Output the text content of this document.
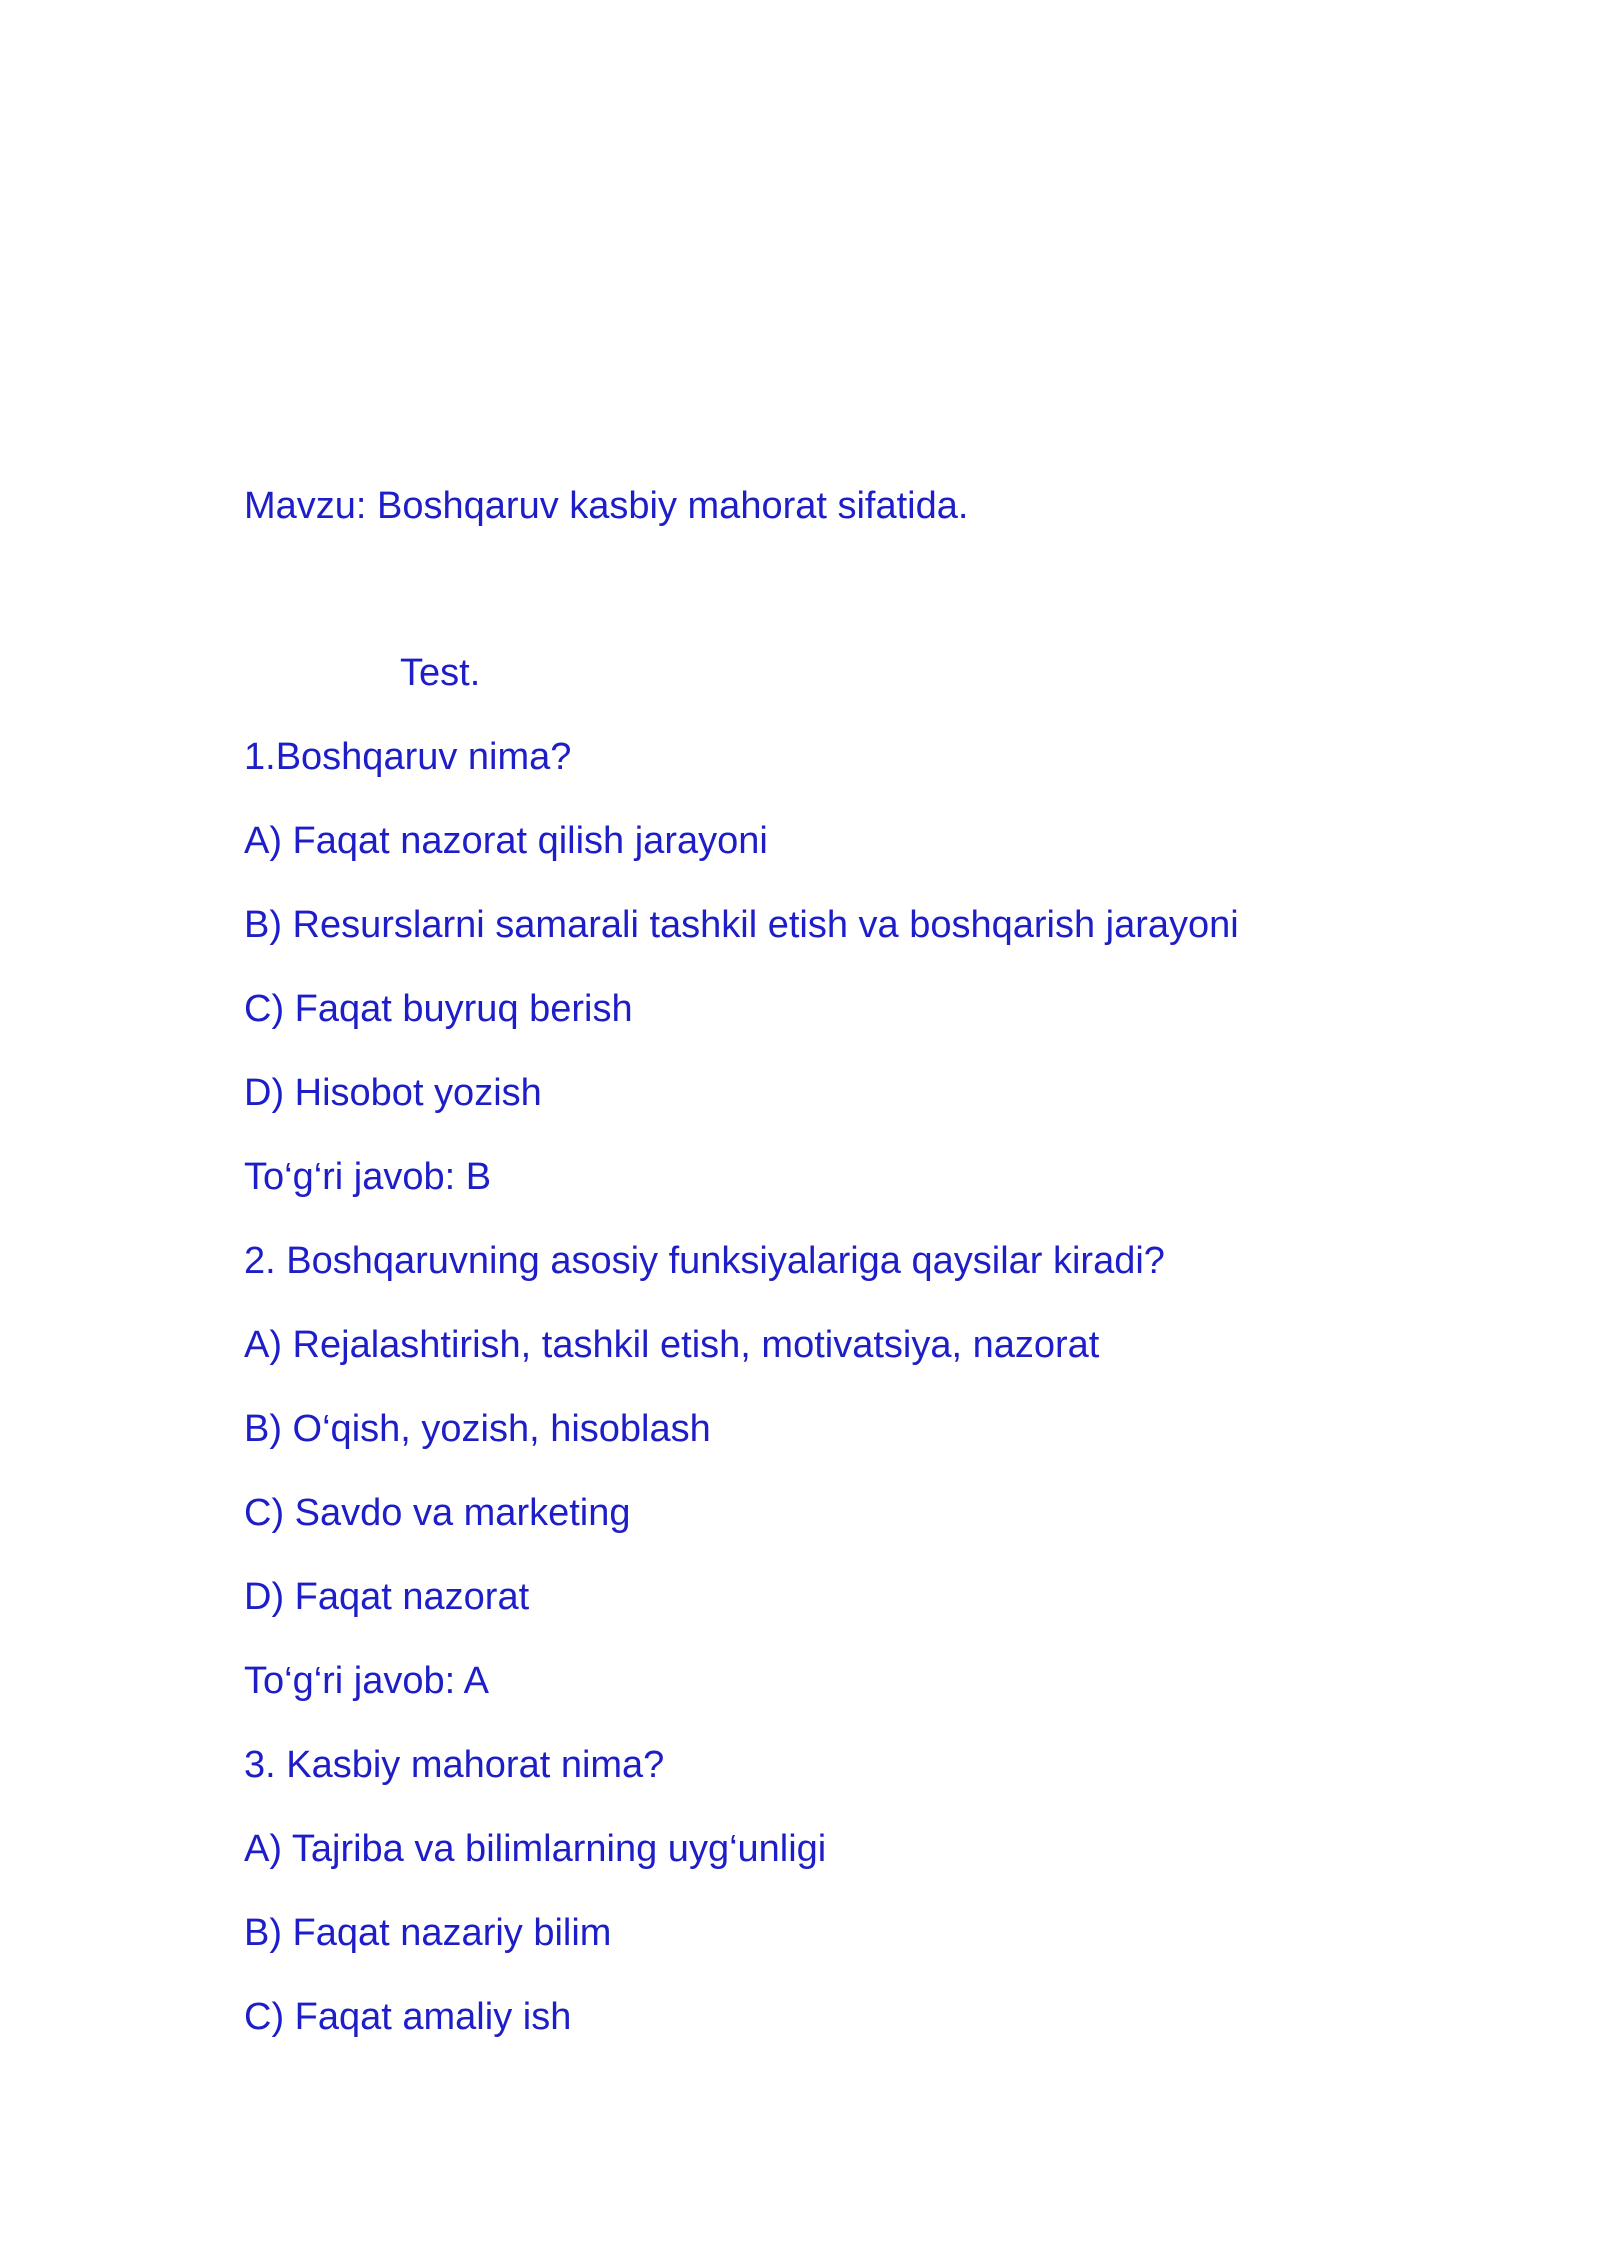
Mavzu: Boshqaruv kasbiy mahorat sifatida.

Test.

1.Boshqaruv nima?

A) Faqat nazorat qilish jarayoni

B) Resurslarni samarali tashkil etish va boshqarish jarayoni

C) Faqat buyruq berish

D) Hisobot yozish

To‘g‘ri javob: B

2. Boshqaruvning asosiy funksiyalariga qaysilar kiradi?

A) Rejalashtirish, tashkil etish, motivatsiya, nazorat

B) O‘qish, yozish, hisoblash

C) Savdo va marketing

D) Faqat nazorat

To‘g‘ri javob: A

3. Kasbiy mahorat nima?

A) Tajriba va bilimlarning uyg‘unligi

B) Faqat nazariy bilim

C) Faqat amaliy ish
